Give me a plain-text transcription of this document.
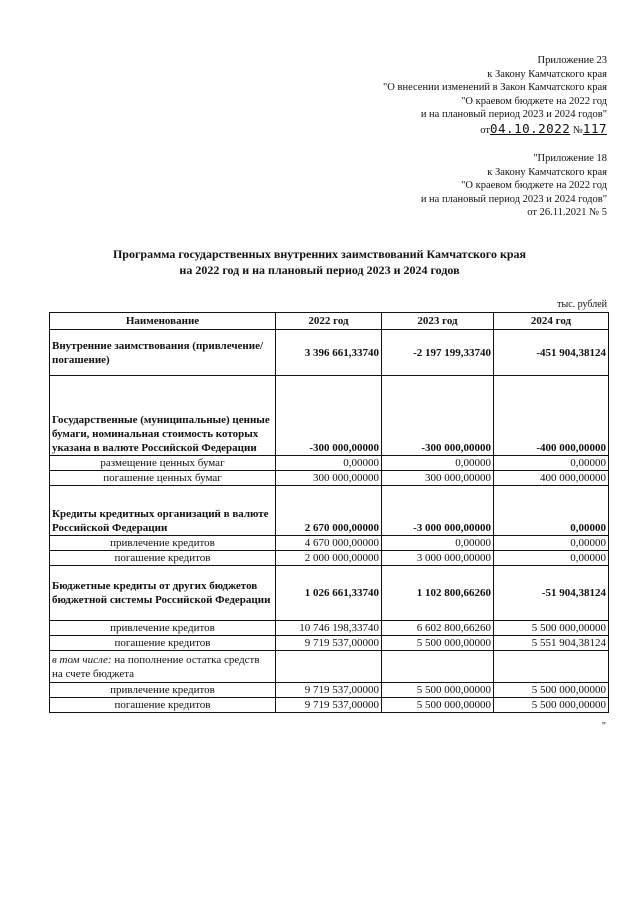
Приложение 23
к Закону Камчатского края
"О внесении изменений в Закон Камчатского края
"О краевом бюджете на 2022 год
и на плановый период 2023 и 2024 годов"
от04.10.2022 №117
"Приложение 18
к Закону Камчатского края
"О краевом бюджете на 2022 год
и на плановый период 2023 и 2024 годов"
от 26.11.2021 № 5
Программа государственных внутренних заимствований Камчатского края
на 2022 год и на плановый период 2023 и 2024 годов
тыс. рублей
Наименование	2022 год	2023 год	2024 год
Внутренние заимствования (привлечение/погашение)	3 396 661,33740	-2 197 199,33740	-451 904,38124
Государственные (муниципальные) ценные бумаги, номинальная стоимость которых указана в валюте Российской Федерации	-300 000,00000	-300 000,00000	-400 000,00000
размещение ценных бумаг	0,00000	0,00000	0,00000
погашение ценных бумаг	300 000,00000	300 000,00000	400 000,00000
Кредиты кредитных организаций в валюте Российской Федерации	2 670 000,00000	-3 000 000,00000	0,00000
привлечение кредитов	4 670 000,00000	0,00000	0,00000
погашение кредитов	2 000 000,00000	3 000 000,00000	0,00000
Бюджетные кредиты от других бюджетов бюджетной системы Российской Федерации	1 026 661,33740	1 102 800,66260	-51 904,38124
привлечение кредитов	10 746 198,33740	6 602 800,66260	5 500 000,00000
погашение кредитов	9 719 537,00000	5 500 000,00000	5 551 904,38124
в том числе: на пополнение остатка средств на счете бюджета			
привлечение кредитов	9 719 537,00000	5 500 000,00000	5 500 000,00000
погашение кредитов	9 719 537,00000	5 500 000,00000	5 500 000,00000
"
